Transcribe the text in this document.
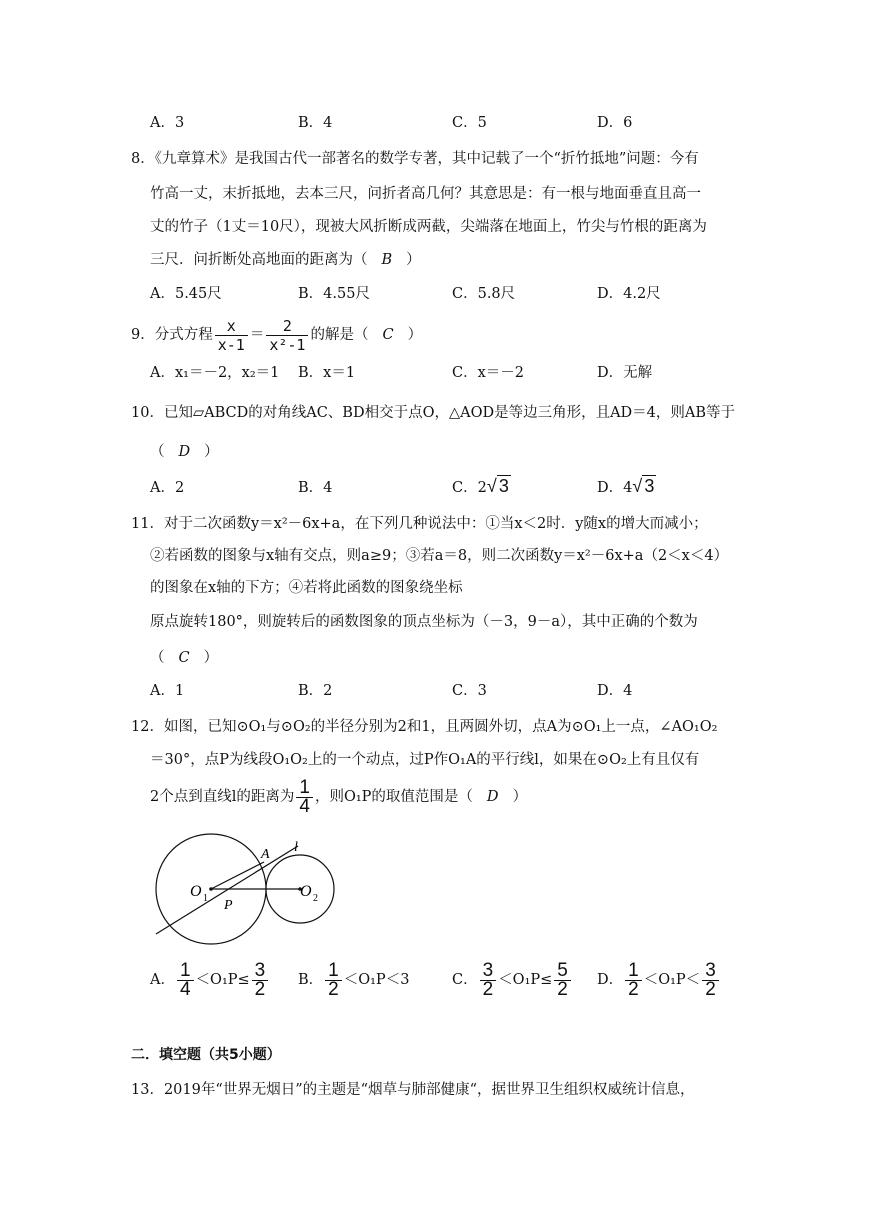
A．3	B．4	C．5	D．6
8．《九章算术》是我国古代一部著名的数学专著，其中记载了一个“折竹抵地”问题：今有
竹高一丈，末折抵地，去本三尺，问折者高几何？其意思是：有一根与地面垂直且高一
丈的竹子（1丈＝10尺），现被大风折断成两截，尖端落在地面上，竹尖与竹根的距离为
三尺．问折断处高地面的距离为（ B ）
A．5.45尺	B．4.55尺	C．5.8尺	D．4.2尺
9．分式方程 $\frac{x}{x-1} = \frac{2}{\text{x²-1}}$ 的解是（ C ）
A．x₁＝－2，x₂＝1 B．x＝1	C．x＝－2	D．无解
10．已知▱ABCD的对角线AC、BD相交于点O，△AOD是等边三角形，且AD＝4，则AB等于
（ D ）
A．2	B．4	C．2 √ 3	D．4 √ 3
11．对于二次函数y＝x²－6x+a，在下列几种说法中：①当x＜2时．y随x的增大而减小；
②若函数的图象与x轴有交点，则a≥9；③若a＝8，则二次函数y＝x²－6x+a（2＜x＜4）
的图象在x轴的下方；④若将此函数的图象绕坐标
原点旋转180°，则旋转后的函数图象的顶点坐标为（－3，9－a），其中正确的个数为
（ C ）
A．1	B．2	C．3	D．4
12．如图，已知⊙O₁与⊙O₂的半径分别为2和1，且两圆外切，点A为⊙O₁上一点，∠AO₁O₂
＝30°，点P为线段O₁O₂上的一个动点，过P作O₁A的平行线l，如果在⊙O₂上有且仅有
2个点到直线l的距离为 $\frac{1}{4}$ ，则O₁P的取值范围是（ D ）
A l
O 1 P
O 2
A． $\frac{1}{4} <O_1P\le \frac{3}{2}$ B． $\frac{1}{2} <O_1P<3$	C． $\frac{3}{2} <O_1P\le \frac{5}{2}$ D． $\frac{1}{2} <O_1P< \frac{3}{2}$
二．填空题（共5小题）
13．2019年“世界无烟日”的主题是“烟草与肺部健康“，据世界卫生组织权威统计信息，
